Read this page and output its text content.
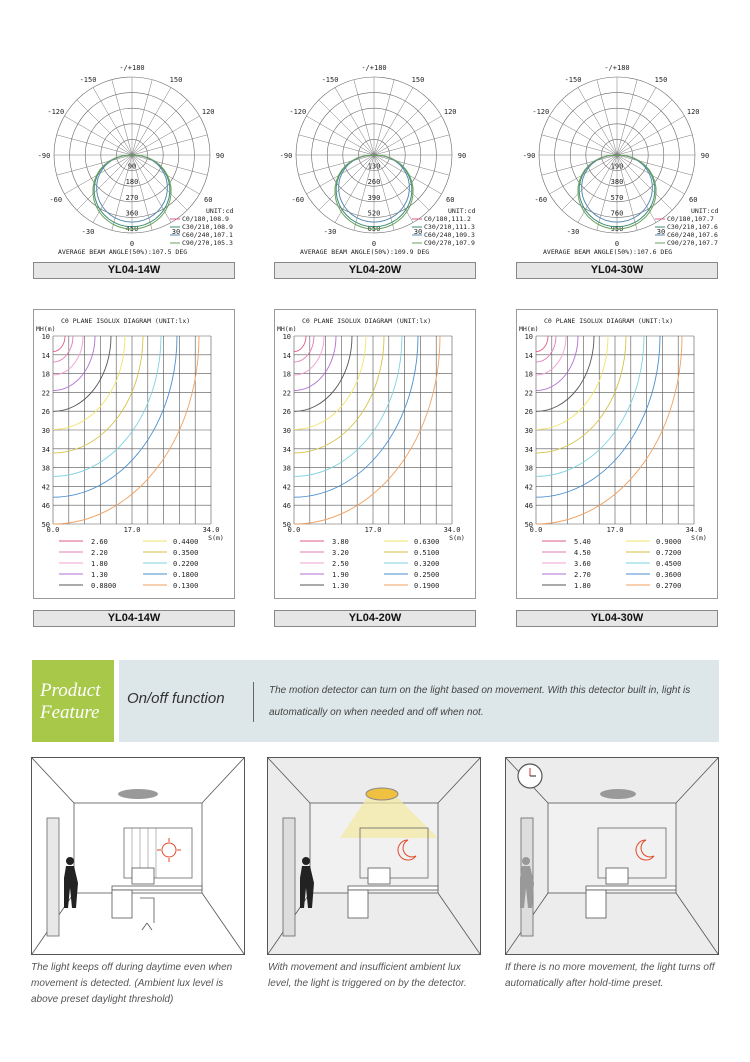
-/+180
150
120
90
60
30
0
-30
-60
-90
-120
-150
90
180
270
360
450
UNIT:cd
C0/180,108.9
C30/210,108.9
C60/240,107.1
C90/270,105.3
AVERAGE BEAM ANGLE(50%):107.5 DEG
-/+180
150
120
90
60
30
0
-30
-60
-90
-120
-150
130
260
390
520
650
UNIT:cd
C0/180,111.2
C30/210,111.3
C60/240,109.3
C90/270,107.9
AVERAGE BEAM ANGLE(50%):109.9 DEG
-/+180
150
120
90
60
30
0
-30
-60
-90
-120
-150
190
380
570
760
950
UNIT:cd
C0/180,107.7
C30/210,107.6
C60/240,107.6
C90/270,107.7
AVERAGE BEAM ANGLE(50%):107.6 DEG
YL04-14W	YL04-20W	YL04-30W
C0 PLANE ISOLUX DIAGRAM (UNIT:lx)
MH(m)
10
14
18
22
26
30
34
38
42
46
50
0.0	17.0	34.0
S(m)
2.60
2.20
1.80
1.30
0.8800
0.4400
0.3500
0.2200
0.1800
0.1300
C0 PLANE ISOLUX DIAGRAM (UNIT:lx)
MH(m)
10
14
18
22
26
30
34
38
42
46
50
0.0	17.0	34.0
S(m)
3.80
3.20
2.50
1.90
1.30
0.6300
0.5100
0.3200
0.2500
0.1900
C0 PLANE ISOLUX DIAGRAM (UNIT:lx)
MH(m)
10
14
18
22
26
30
34
38
42
46
50
0.0	17.0	34.0
S(m)
5.40
4.50
3.60
2.70
1.80
0.9000
0.7200
0.4500
0.3600
0.2700
YL04-14W	YL04-20W	YL04-30W
Product
Feature
On/off function	The motion detector can turn on the light based on movement. With this detector built in, light is
automatically on when needed and off when not.
The light keeps off during daytime even when
movement is detected. (Ambient lux level is
above preset daylight threshold)
With movement and insufficient ambient lux
level, the light is triggered on by the detector.
If there is no more movement, the light turns off
automatically after hold-time preset.
